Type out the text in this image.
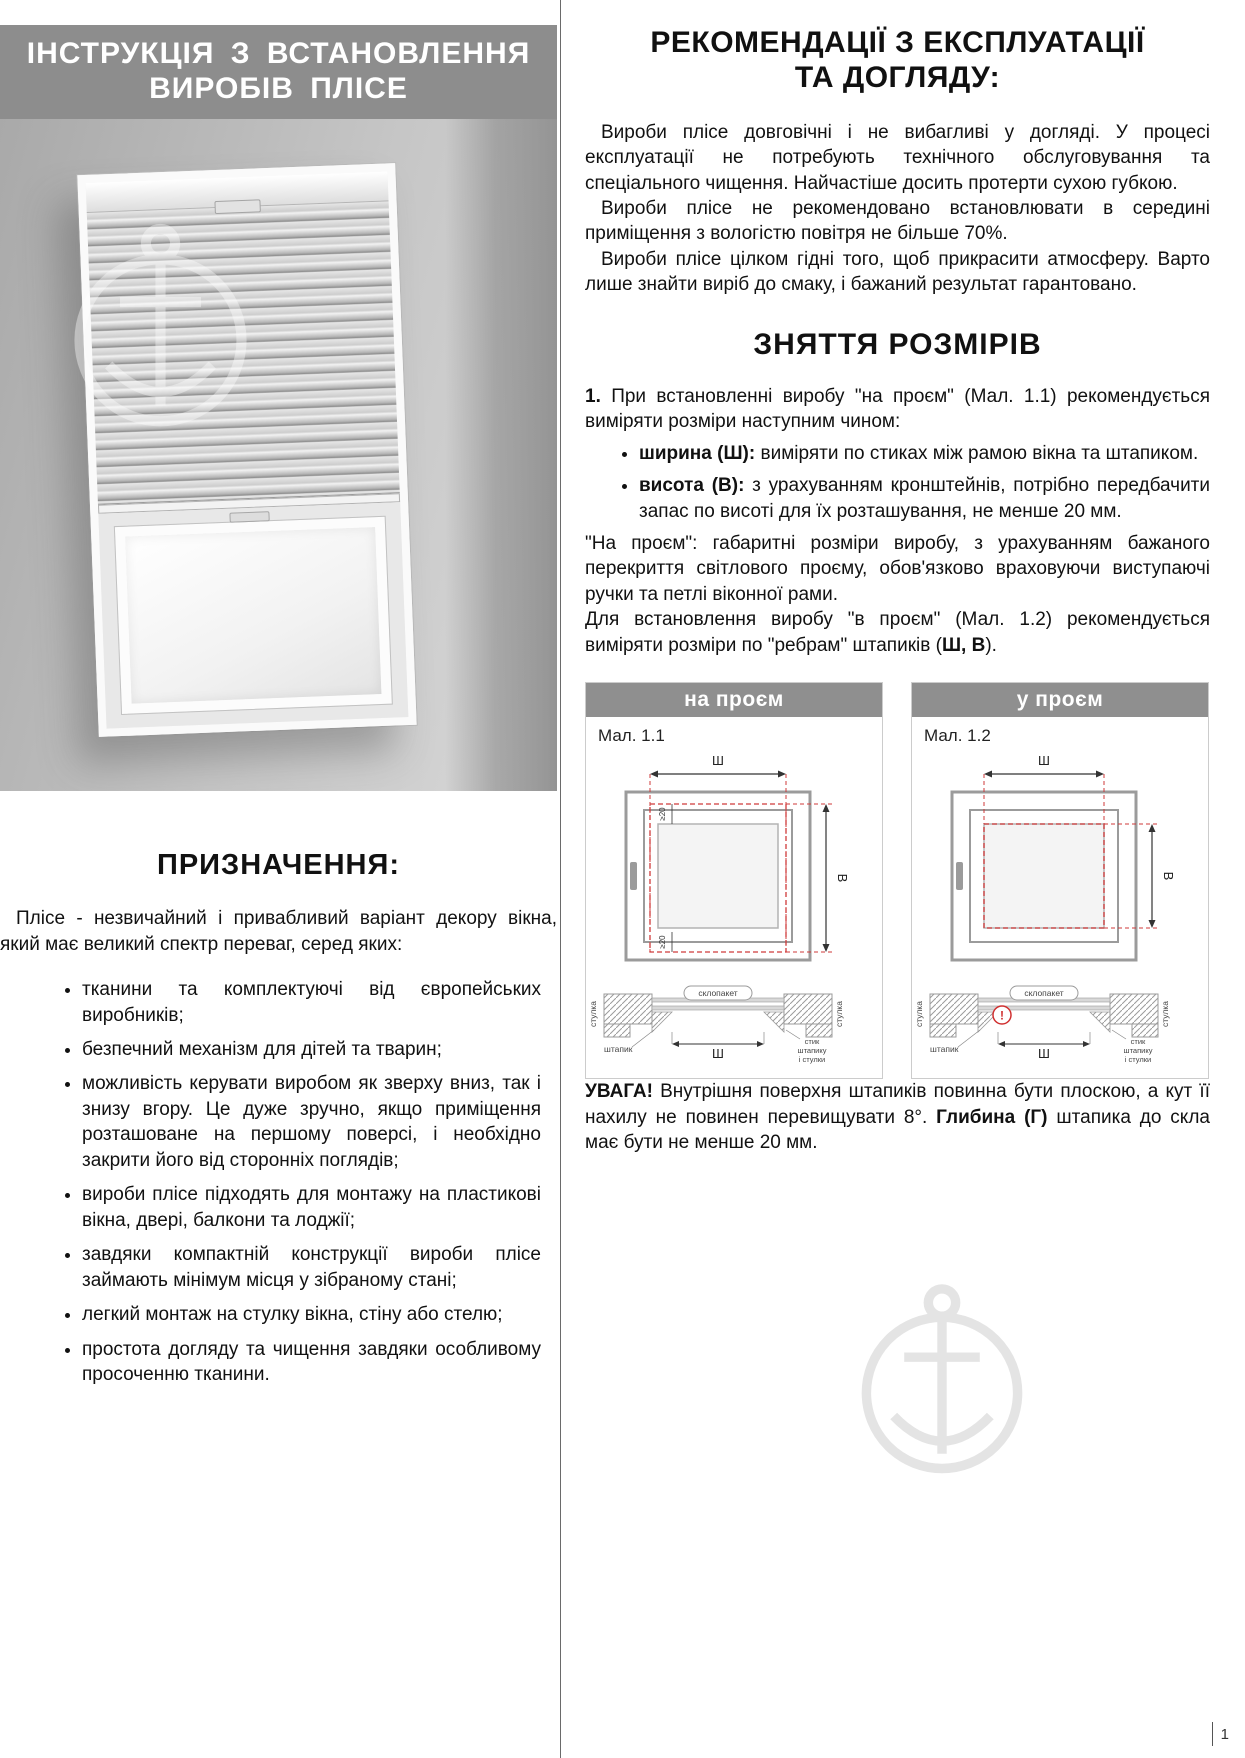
ІНСТРУКЦІЯ З ВСТАНОВЛЕННЯ
ВИРОБІВ ПЛІСЕ
ПРИЗНАЧЕННЯ:

Плісе - незвичайний і привабливий варіант декору вікна, який має великий спектр переваг, серед яких:

• тканини та комплектуючі від європейських виробників;
• безпечний механізм для дітей та тварин;
• можливість керувати виробом як зверху вниз, так і знизу вгору. Це дуже зручно, якщо приміщення розташоване на першому поверсі, і необхідно закрити його від сторонніх поглядів;
• вироби плісе підходять для монтажу на пластикові вікна, двері, балкони та лоджії;
• завдяки компактній конструкції вироби плісе займають мінімум місця у зібраному стані;
• легкий монтаж на стулку вікна, стіну або стелю;
• простота догляду та чищення завдяки особливому просоченню тканини.
РЕКОМЕНДАЦІЇ З ЕКСПЛУАТАЦІЇ
ТА ДОГЛЯДУ:

Вироби плісе довговічні і не вибагливі у догляді. У процесі експлуатації не потребують технічного обслуговування та спеціального чищення. Найчастіше досить протерти сухою губкою.

Вироби плісе не рекомендовано встановлювати в середині приміщення з вологістю повітря не більше 70%.

Вироби плісе цілком гідні того, щоб прикрасити атмосферу. Варто лише знайти виріб до смаку, і бажаний результат гарантовано.

ЗНЯТТЯ РОЗМІРІВ

1. При встановленні виробу "на проєм" (Мал. 1.1) рекомендується виміряти розміри наступним чином:

• ширина (Ш): виміряти по стиках між рамою вікна та штапиком.
• висота (В): з урахуванням кронштейнів, потрібно передбачити запас по висоті для їх розташування, не менше 20 мм.

"На проєм": габаритні розміри виробу, з урахуванням бажаного перекриття світлового проєму, обов'язково враховуючи виступаючі ручки та петлі віконної рами.

Для встановлення виробу "в проєм" (Мал. 1.2) рекомендується виміряти розміри по "ребрам" штапиків (Ш, В).

на проєм
Мал. 1.1
Ш
В
≥20
≥20
склопакет
стулка	стулка
штапик	Ш
стик
штапику
і стулки
у проєм
Мал. 1.2
Ш
В
склопакет
стулка	стулка
штапик	Ш
стик
штапику
і стулки
!

УВАГА! Внутрішня поверхня штапиків повинна бути плоскою, а кут її нахилу не повинен перевищувати 8°. Глибина (Г) штапика до скла має бути не менше 20 мм.

1
